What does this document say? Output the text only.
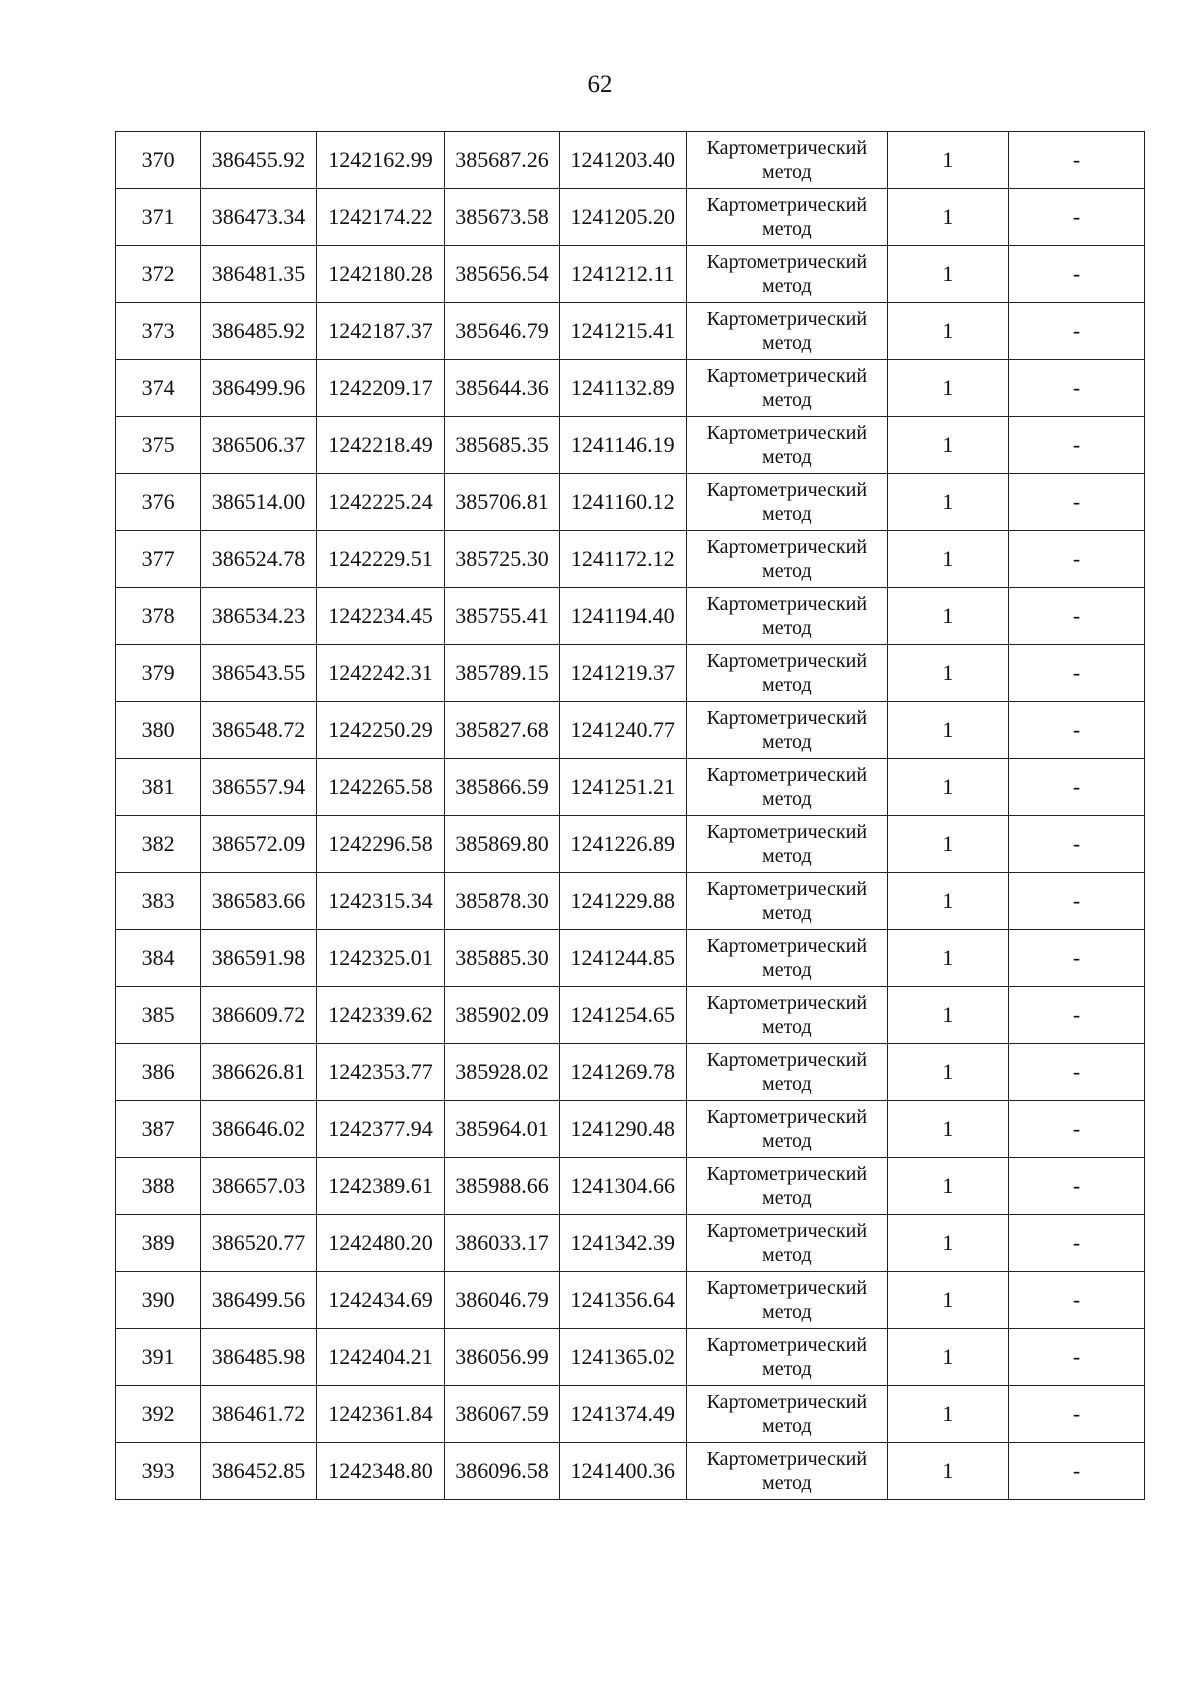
62
370	386455.92	1242162.99	385687.26	1241203.40	Картометрический
метод	1	-
371	386473.34	1242174.22	385673.58	1241205.20	Картометрический
метод	1	-
372	386481.35	1242180.28	385656.54	1241212.11	Картометрический
метод	1	-
373	386485.92	1242187.37	385646.79	1241215.41	Картометрический
метод	1	-
374	386499.96	1242209.17	385644.36	1241132.89	Картометрический
метод	1	-
375	386506.37	1242218.49	385685.35	1241146.19	Картометрический
метод	1	-
376	386514.00	1242225.24	385706.81	1241160.12	Картометрический
метод	1	-
377	386524.78	1242229.51	385725.30	1241172.12	Картометрический
метод	1	-
378	386534.23	1242234.45	385755.41	1241194.40	Картометрический
метод	1	-
379	386543.55	1242242.31	385789.15	1241219.37	Картометрический
метод	1	-
380	386548.72	1242250.29	385827.68	1241240.77	Картометрический
метод	1	-
381	386557.94	1242265.58	385866.59	1241251.21	Картометрический
метод	1	-
382	386572.09	1242296.58	385869.80	1241226.89	Картометрический
метод	1	-
383	386583.66	1242315.34	385878.30	1241229.88	Картометрический
метод	1	-
384	386591.98	1242325.01	385885.30	1241244.85	Картометрический
метод	1	-
385	386609.72	1242339.62	385902.09	1241254.65	Картометрический
метод	1	-
386	386626.81	1242353.77	385928.02	1241269.78	Картометрический
метод	1	-
387	386646.02	1242377.94	385964.01	1241290.48	Картометрический
метод	1	-
388	386657.03	1242389.61	385988.66	1241304.66	Картометрический
метод	1	-
389	386520.77	1242480.20	386033.17	1241342.39	Картометрический
метод	1	-
390	386499.56	1242434.69	386046.79	1241356.64	Картометрический
метод	1	-
391	386485.98	1242404.21	386056.99	1241365.02	Картометрический
метод	1	-
392	386461.72	1242361.84	386067.59	1241374.49	Картометрический
метод	1	-
393	386452.85	1242348.80	386096.58	1241400.36	Картометрический
метод	1	-
